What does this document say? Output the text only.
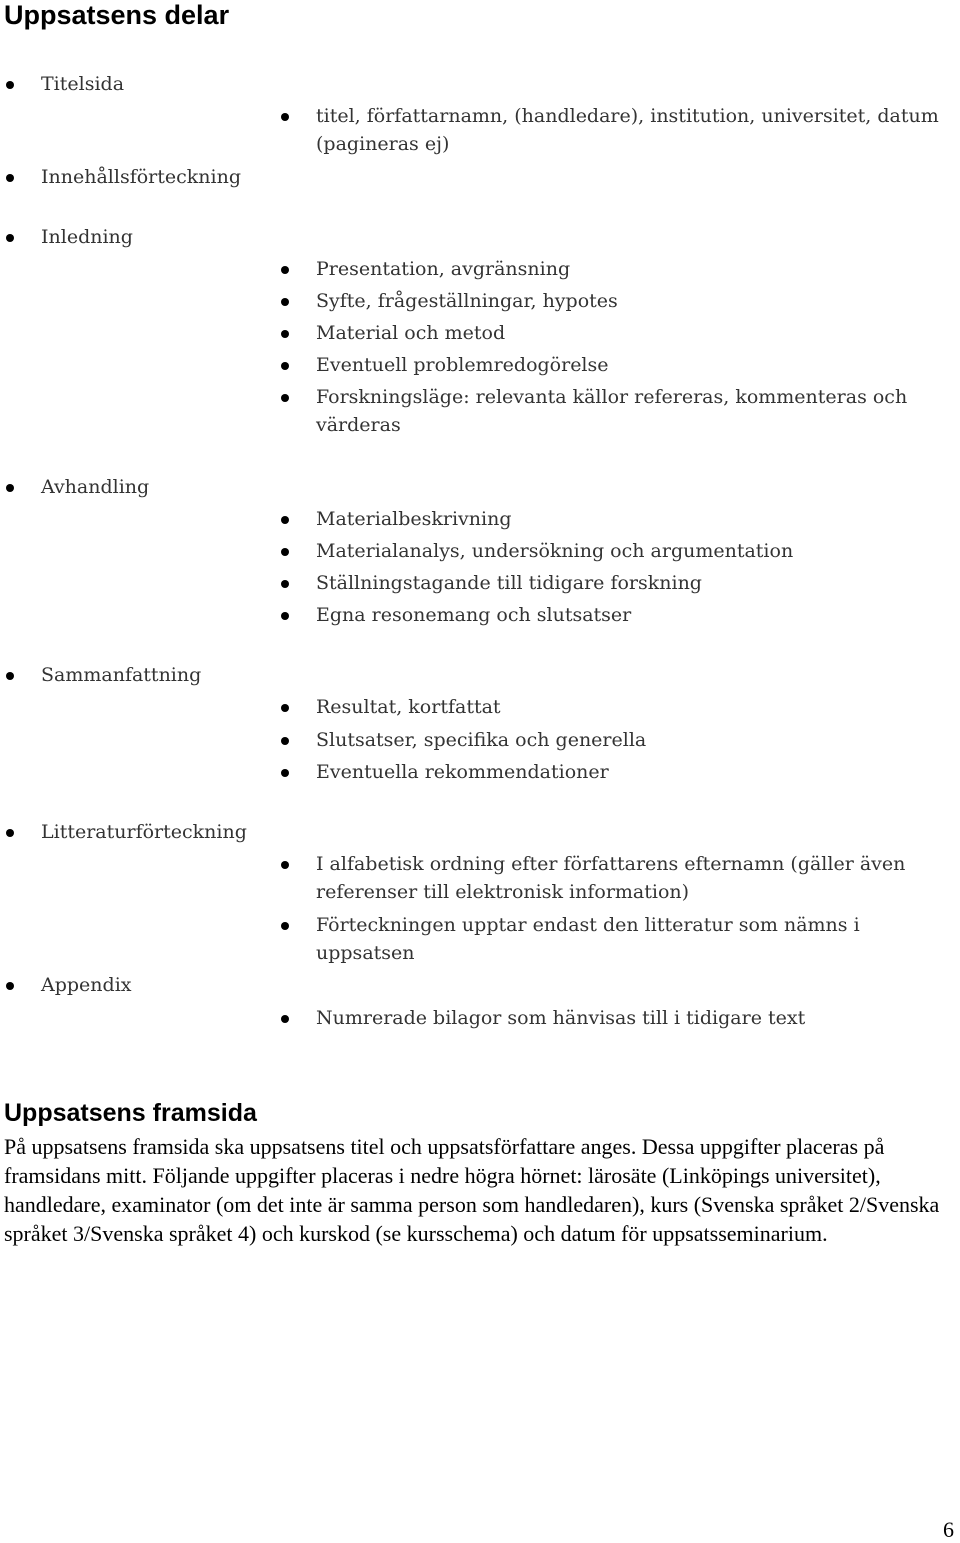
Uppsatsens delar
Titelsida
Innehållsförteckning
Inledning
Avhandling
Sammanfattning
Litteraturförteckning
Appendix
titel, författarnamn, (handledare), institution, universitet, datum (pagineras ej)
Presentation, avgränsning
Syfte, frågeställningar, hypotes
Material och metod
Eventuell problemredogörelse
Forskningsläge: relevanta källor refereras, kommenteras och värderas
Materialbeskrivning
Materialanalys, undersökning och argumentation
Ställningstagande till tidigare forskning
Egna resonemang och slutsatser
Resultat, kortfattat
Slutsatser, specifika och generella
Eventuella rekommendationer
I alfabetisk ordning efter författarens efternamn (gäller även referenser till elektronisk information)
Förteckningen upptar endast den litteratur som nämns i uppsatsen
Numrerade bilagor som hänvisas till i tidigare text
Uppsatsens framsida

På uppsatsens framsida ska uppsatsens titel och uppsatsförfattare anges. Dessa uppgifter placeras på framsidans mitt. Följande uppgifter placeras i nedre högra hörnet: lärosäte (Linköpings universitet), handledare, examinator (om det inte är samma person som handledaren), kurs (Svenska språket 2/Svenska språket 3/Svenska språket 4) och kurskod (se kursschema) och datum för uppsatsseminarium.

6
